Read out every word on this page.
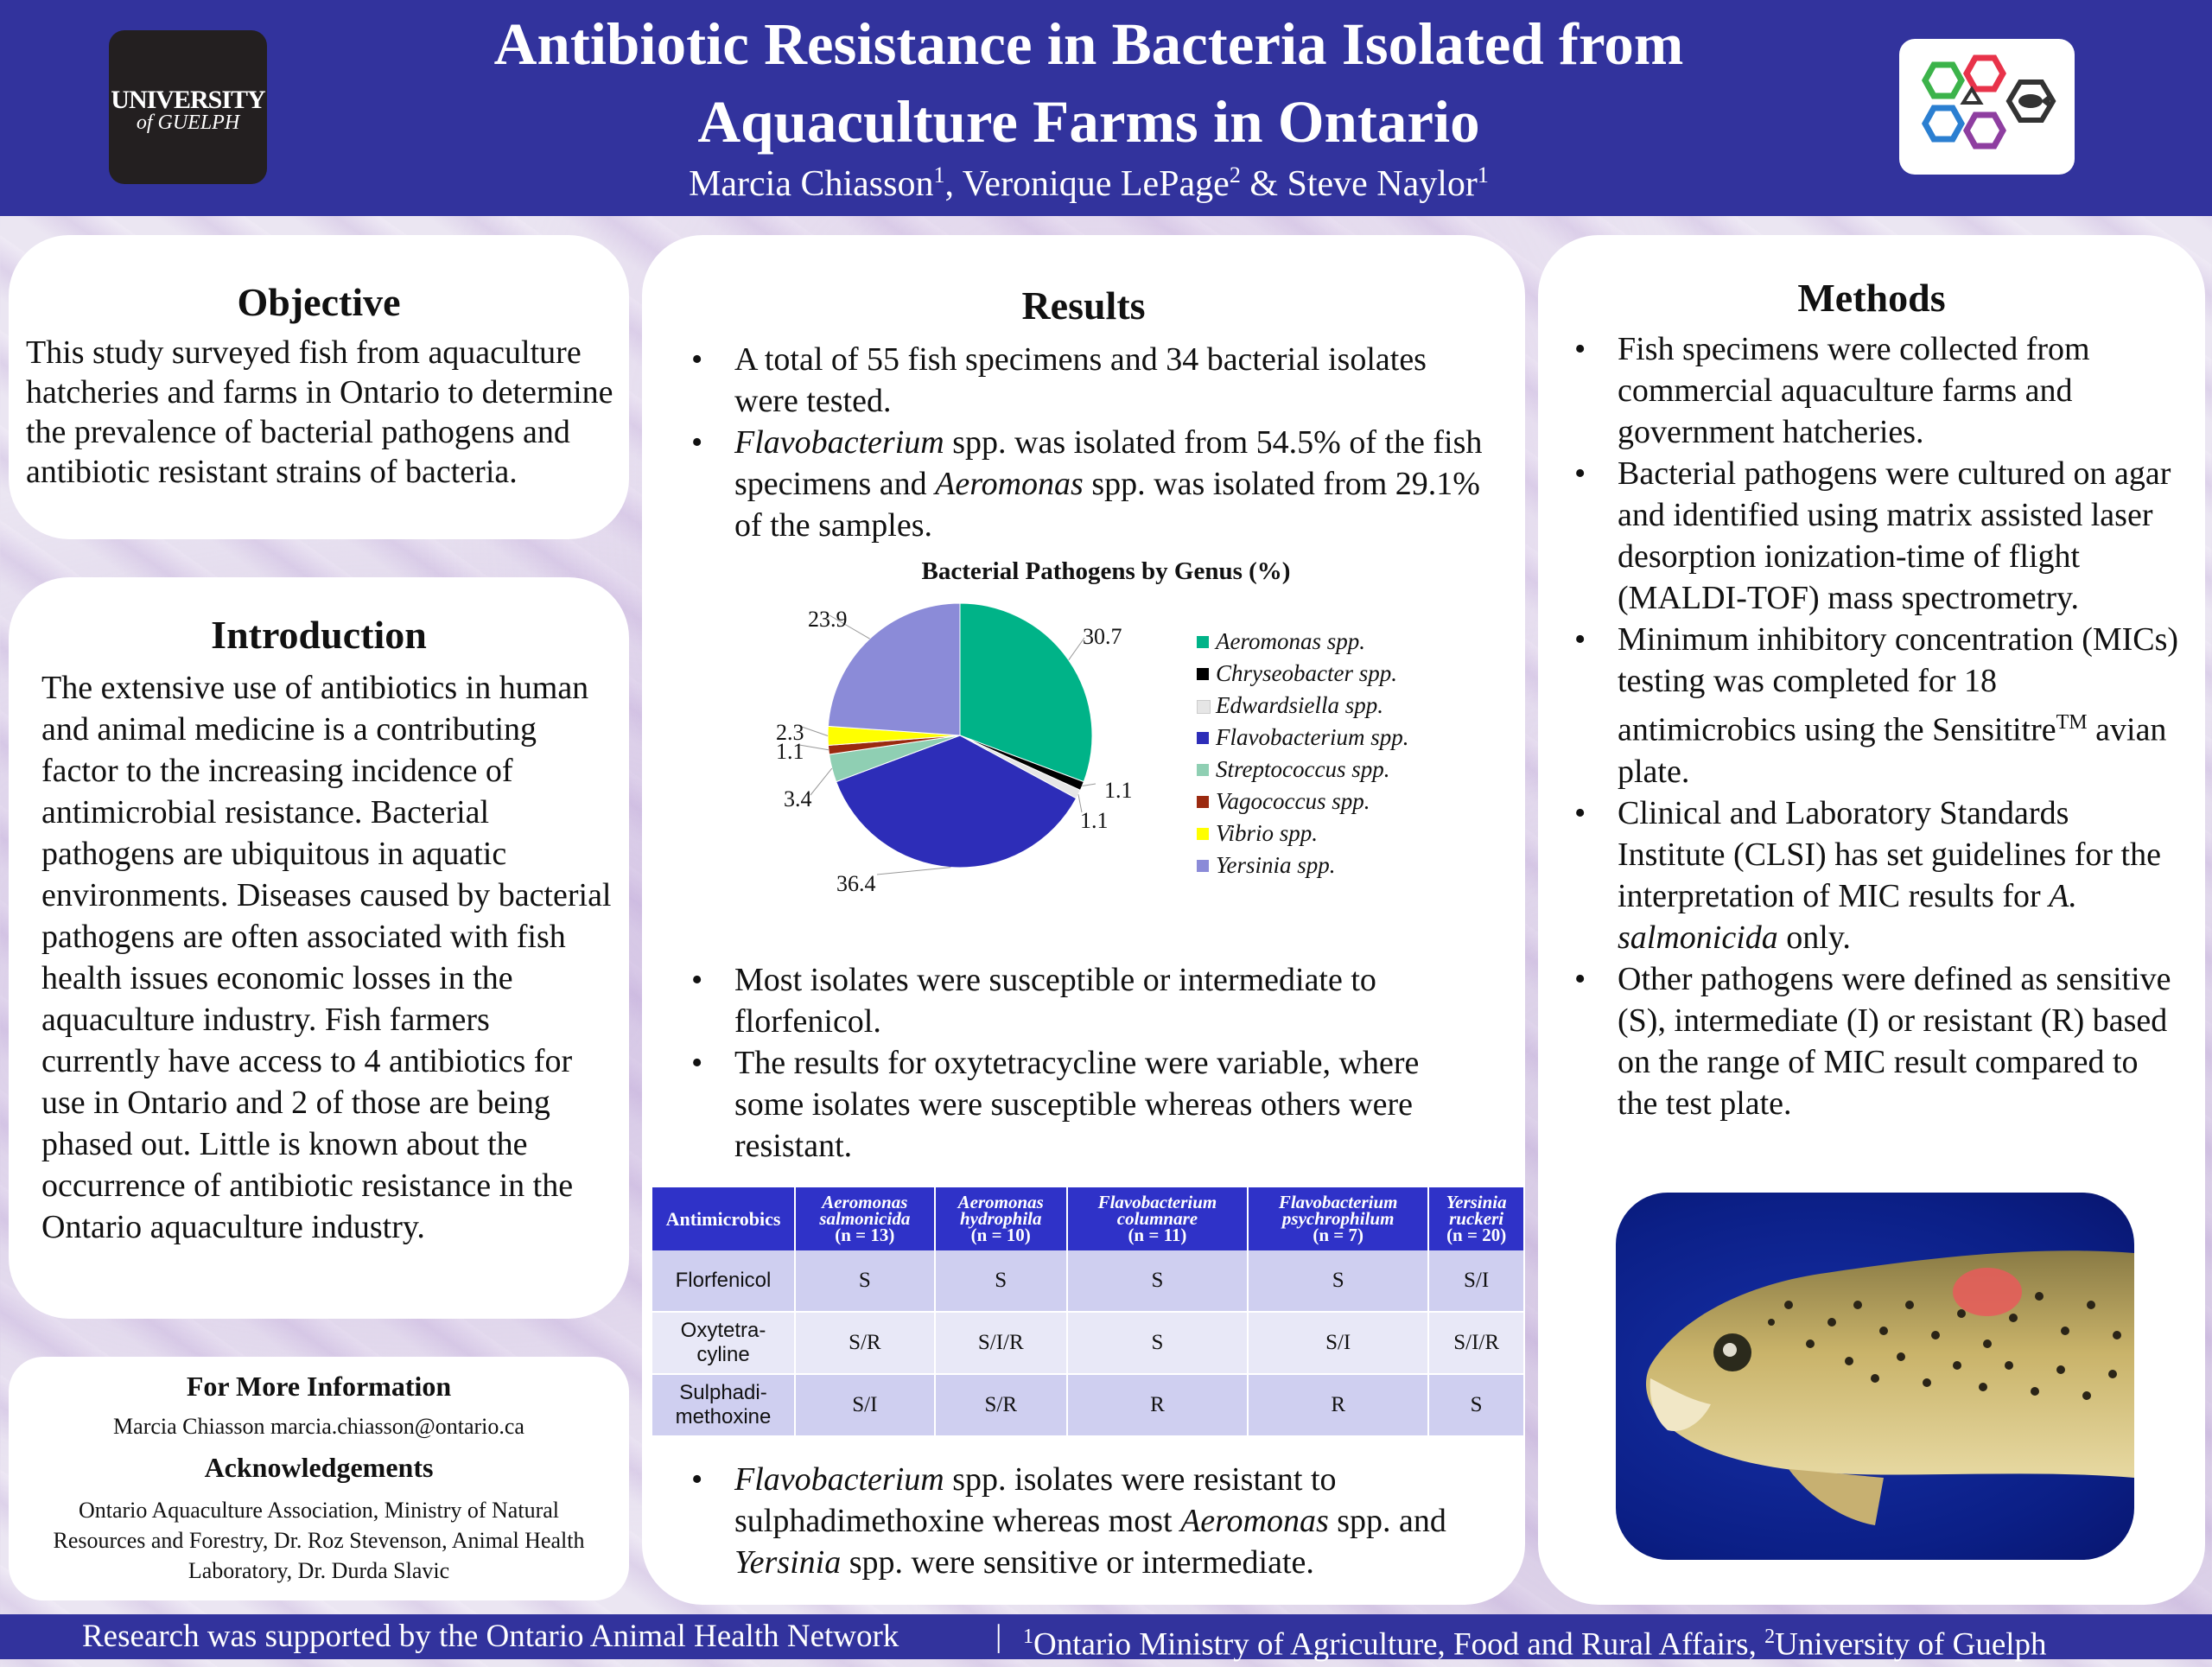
UNIVERSITY
of GUELPH
Antibiotic Resistance in Bacteria Isolated from
Aquaculture Farms in Ontario
Marcia Chiasson$^1$, Veronique LePage$^2$ & Steve Naylor$^1$
Objective
This study surveyed fish from aquaculture hatcheries and farms in Ontario to determine the prevalence of bacterial pathogens and antibiotic resistant strains of bacteria.
Introduction
The extensive use of antibiotics in human and animal medicine is a contributing factor to the increasing incidence of antimicrobial resistance. Bacterial pathogens are ubiquitous in aquatic environments. Diseases caused by bacterial pathogens are often associated with fish health issues economic losses in the aquaculture industry. Fish farmers currently have access to 4 antibiotics for use in Ontario and 2 of those are being phased out. Little is known about the occurrence of antibiotic resistance in the Ontario aquaculture industry.
For More Information
Marcia Chiasson marcia.chiasson@ontario.ca
Acknowledgements
Ontario Aquaculture Association, Ministry of Natural Resources and Forestry, Dr. Roz Stevenson, Animal Health Laboratory, Dr. Durda Slavic
Results
• A total of 55 fish specimens and 34 bacterial isolates were tested.
• Flavobacterium spp. was isolated from 54.5% of the fish specimens and Aeromonas spp. was isolated from 29.1% of the samples.
Bacterial Pathogens by Genus (%)
30.7
1.1
1.1
36.4
3.4
1.1
2.3
23.9
Aeromonas spp.
Chryseobacter spp.
Edwardsiella spp.
Flavobacterium spp.
Streptococcus spp.
Vagococcus spp.
Vibrio spp.
Yersinia spp.
• Most isolates were susceptible or intermediate to florfenicol.
• The results for oxytetracycline were variable, where some isolates were susceptible whereas others were resistant.
Antimicrobics	Aeromonas
salmonicida
(n = 13)	Aeromonas
hydrophila
(n = 10)	Flavobacterium
columnare
(n = 11)	Flavobacterium
psychrophilum
(n = 7)	Yersinia
ruckeri
(n = 20)
Florfenicol	S	S	S	S	S/I
Oxytetra-
cyline	S/R	S/I/R	S	S/I	S/I/R
Sulphadi-
methoxine	S/I	S/R	R	R	S
• Flavobacterium spp. isolates were resistant to sulphadimethoxine whereas most Aeromonas spp. and Yersinia spp. were sensitive or intermediate.
Methods
• Fish specimens were collected from commercial aquaculture farms and government hatcheries.
• Bacterial pathogens were cultured on agar and identified using matrix assisted laser desorption ionization-time of flight (MALDI-TOF) mass spectrometry.
• Minimum inhibitory concentration (MICs) testing was completed for 18 antimicrobics using the Sensititre™ avian plate.
• Clinical and Laboratory Standards Institute (CLSI) has set guidelines for the interpretation of MIC results for A. salmonicida only.
• Other pathogens were defined as sensitive (S), intermediate (I) or resistant (R) based on the range of MIC result compared to the test plate.
Research was supported by the Ontario Animal Health Network	| $^1$Ontario Ministry of Agriculture, Food and Rural Affairs, $^2$University of Guelph
